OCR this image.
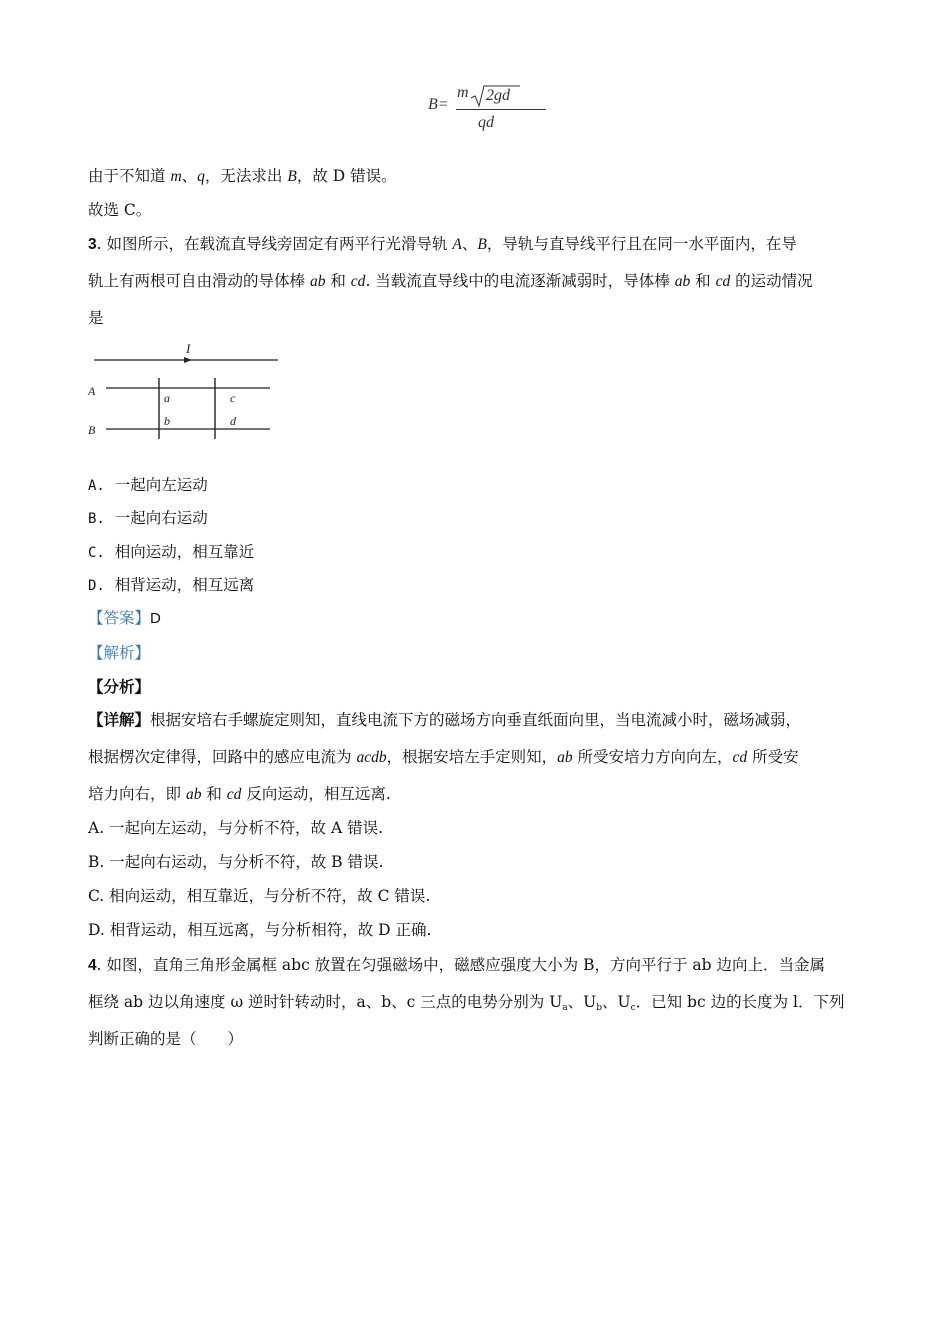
B=
m 2gd
qd
由于不知道 m、q，无法求出 B，故 D 错误。
故选 C。
3. 如图所示，在载流直导线旁固定有两平行光滑导轨 A、B，导轨与直导线平行且在同一水平面内，在导
轨上有两根可自由滑动的导体棒 ab 和 cd. 当载流直导线中的电流逐渐减弱时，导体棒 ab 和 cd 的运动情况
是
I
A
B
a
b
c
d
A. 一起向左运动
B. 一起向右运动
C. 相向运动，相互靠近
D. 相背运动，相互远离
【答案】D
【解析】
【分析】
【详解】根据安培右手螺旋定则知，直线电流下方的磁场方向垂直纸面向里，当电流减小时，磁场减弱，
根据楞次定律得，回路中的感应电流为 acdb，根据安培左手定则知，ab 所受安培力方向向左，cd 所受安
培力向右，即 ab 和 cd 反向运动，相互远离.
A. 一起向左运动，与分析不符，故 A 错误.
B. 一起向右运动，与分析不符，故 B 错误.
C. 相向运动，相互靠近，与分析不符，故 C 错误.
D. 相背运动，相互远离，与分析相符，故 D 正确.
4. 如图，直角三角形金属框 abc 放置在匀强磁场中，磁感应强度大小为 B，方向平行于 ab 边向上．当金属
框绕 ab 边以角速度 ω 逆时针转动时，a、b、c 三点的电势分别为 $U_a$、$U_b$、$U_c$．已知 bc 边的长度为 l．下列
判断正确的是（　　）
